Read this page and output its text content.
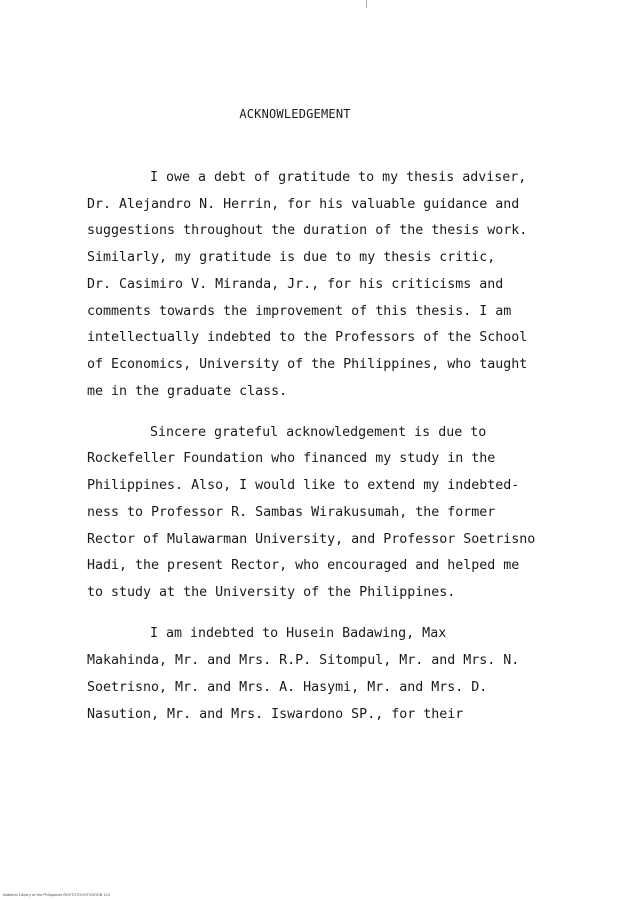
ACKNOWLEDGEMENT
I owe a debt of gratitude to my thesis adviser,
Dr. Alejandro N. Herrin, for his valuable guidance and
suggestions throughout the duration of the thesis work.
Similarly, my gratitude is due to my thesis critic,
Dr. Casimiro V. Miranda, Jr., for his criticisms and
comments towards the improvement of this thesis. I am
intellectually indebted to the Professors of the School
of Economics, University of the Philippines, who taught
me in the graduate class.
Sincere grateful acknowledgement is due to
Rockefeller Foundation who financed my study in the
Philippines. Also, I would like to extend my indebted-
ness to Professor R. Sambas Wirakusumah, the former
Rector of Mulawarman University, and Professor Soetrisno
Hadi, the present Rector, who encouraged and helped me
to study at the University of the Philippines.
I am indebted to Husein Badawing, Max
Makahinda, Mr. and Mrs. R.P. Sitompul, Mr. and Mrs. N.
Soetrisno, Mr. and Mrs. A. Hasymi, Mr. and Mrs. D.
Nasution, Mr. and Mrs. Iswardono SP., for their
National Library of the Philippines ROOTOTOOOTOOOON 112
